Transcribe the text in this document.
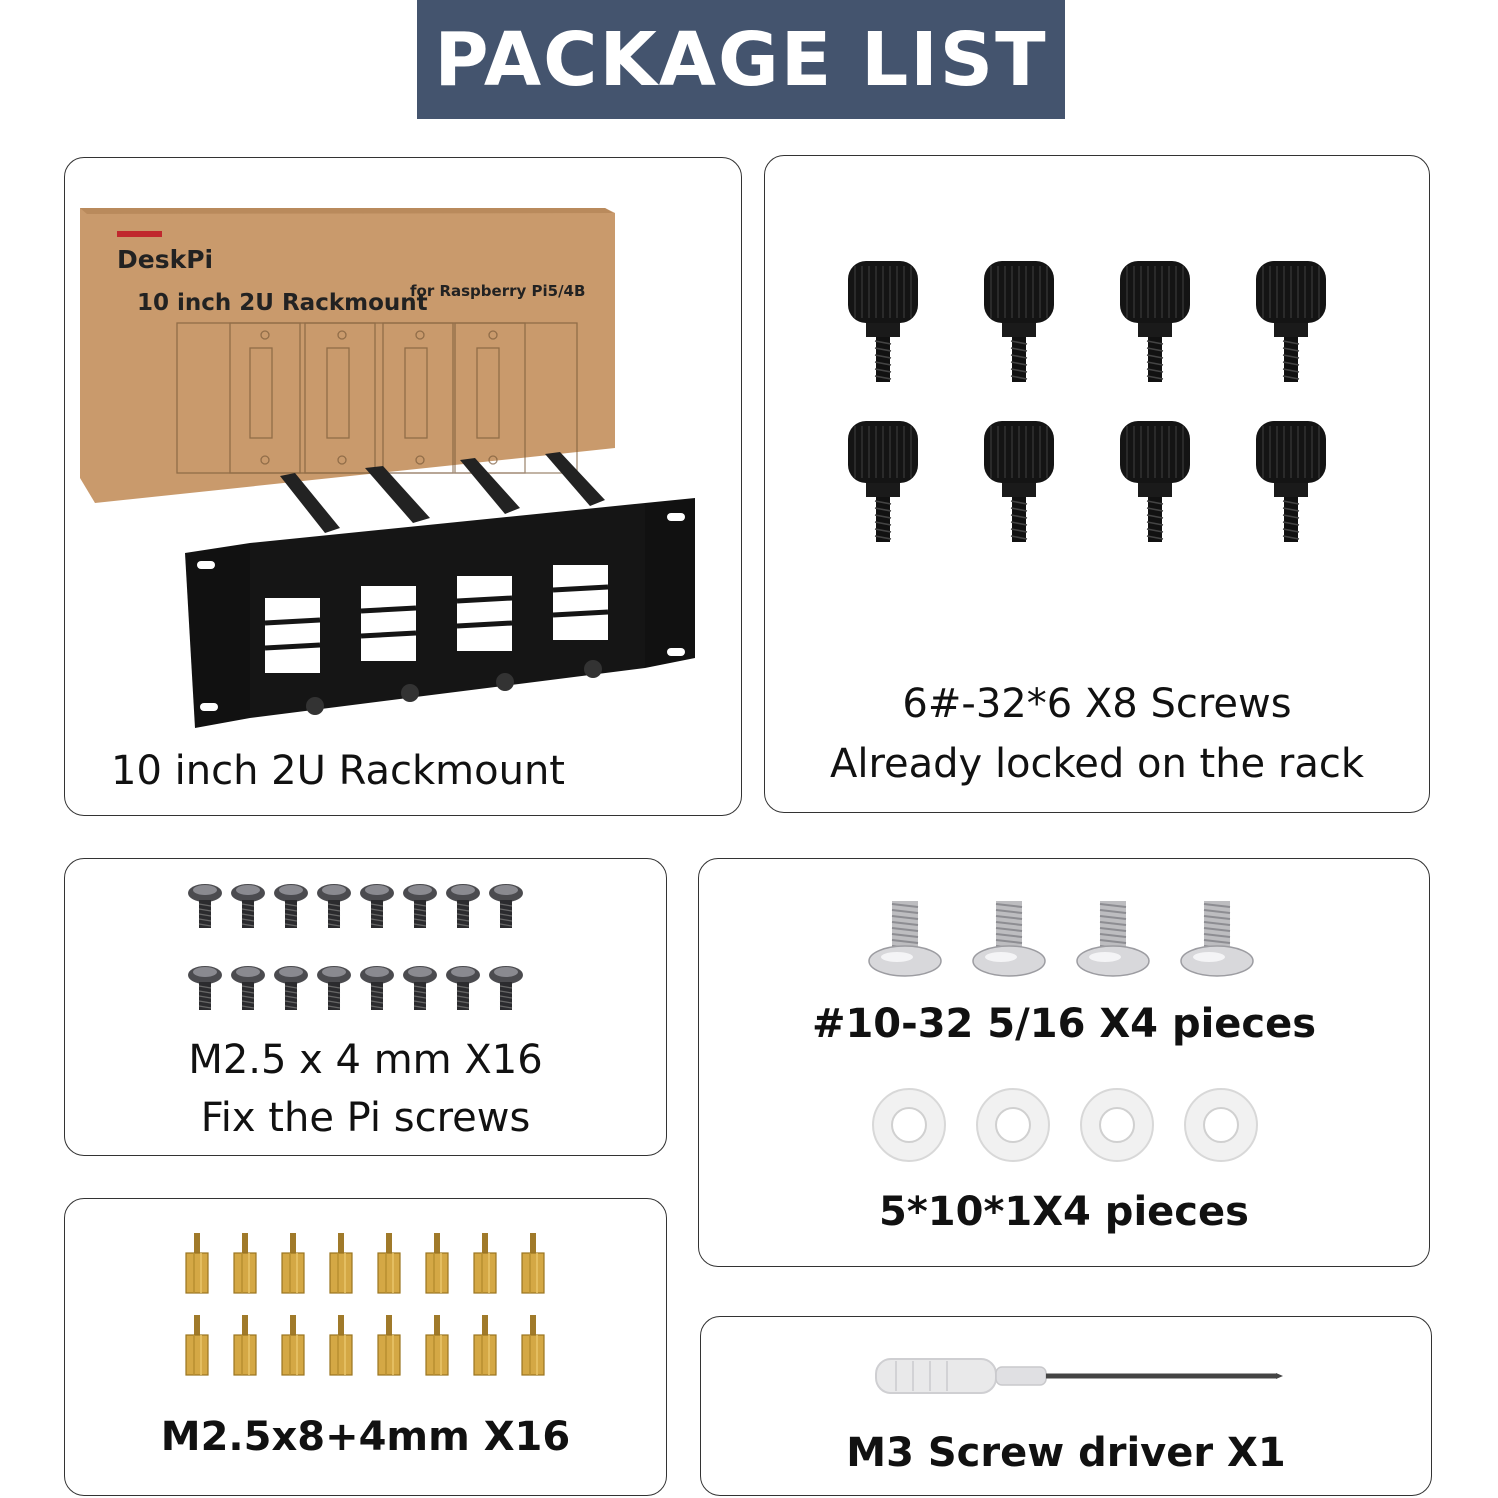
PACKAGE LIST
DeskPi
10 inch 2U Rackmount
for Raspberry Pi5/4B
10 inch 2U Rackmount
6#-32*6 X8 Screws
Already locked on the rack
M2.5 x 4 mm X16
Fix the Pi screws
#10-32 5/16 X4 pieces
5*10*1X4 pieces
M2.5x8+4mm X16	M3 Screw driver X1
